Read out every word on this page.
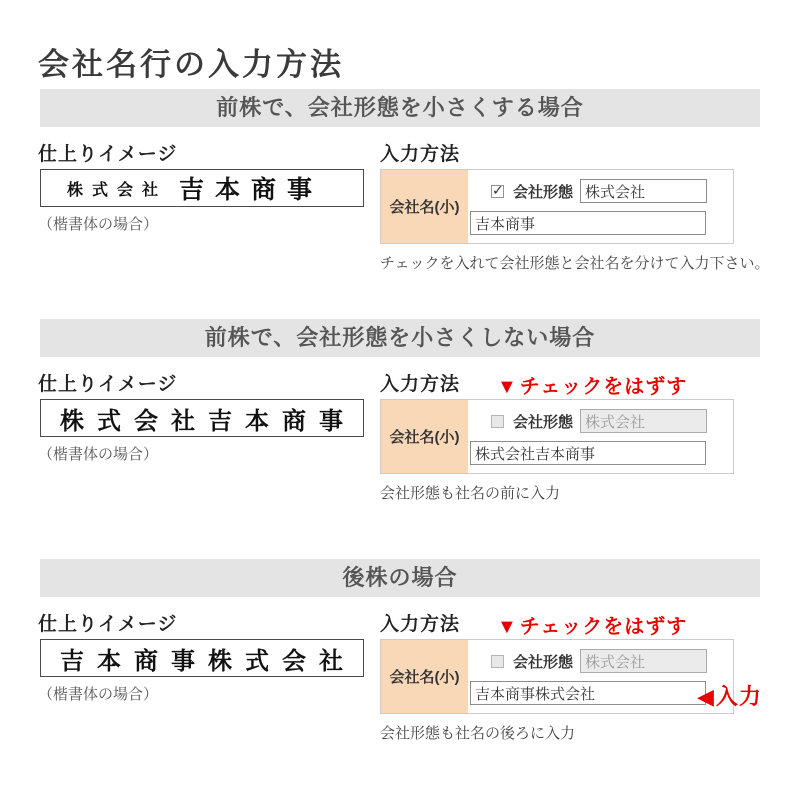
会社名行の入力方法
前株で、会社形態を小さくする場合
仕上りイメージ
株式会社 吉本商事
（楷書体の場合）
入力方法
会社名(小)
✓ 会社形態
株式会社
吉本商事
チェックを入れて会社形態と会社名を分けて入力下さい。
前株で、会社形態を小さくしない場合
仕上りイメージ
株式会社吉本商事
（楷書体の場合）
入力方法 ▼ チェックをはずす
会社名(小)
会社形態
株式会社
株式会社吉本商事
会社形態も社名の前に入力
後株の場合
仕上りイメージ
吉本商事株式会社
（楷書体の場合）
入力方法 ▼ チェックをはずす
会社名(小)
会社形態
株式会社
吉本商事株式会社
◀入力
会社形態も社名の後ろに入力
